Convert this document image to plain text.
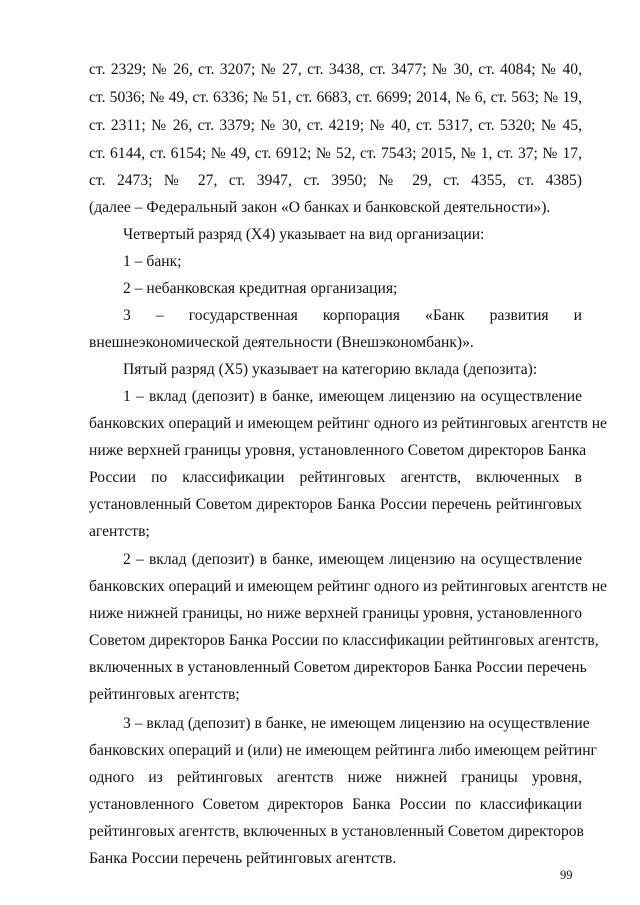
ст. 2329; № 26, ст. 3207; № 27, ст. 3438, ст. 3477; № 30, ст. 4084; № 40,
ст. 5036; № 49, ст. 6336; № 51, ст. 6683, ст. 6699; 2014, № 6, ст. 563; № 19,
ст. 2311; № 26, ст. 3379; № 30, ст. 4219; № 40, ст. 5317, ст. 5320; № 45,
ст. 6144, ст. 6154; № 49, ст. 6912; № 52, ст. 7543; 2015, № 1, ст. 37; № 17,
ст. 2473; № 27, ст. 3947, ст. 3950; № 29, ст. 4355, ст. 4385)
(далее – Федеральный закон «О банках и банковской деятельности»).
Четвертый разряд (Х4) указывает на вид организации:
1 – банк;
2 – небанковская кредитная организация;
3 – государственная корпорация «Банк развития и
внешнеэкономической деятельности (Внешэкономбанк)».
Пятый разряд (Х5) указывает на категорию вклада (депозита):
1 – вклад (депозит) в банке, имеющем лицензию на осуществление
банковских операций и имеющем рейтинг одного из рейтинговых агентств не
ниже верхней границы уровня, установленного Советом директоров Банка
России по классификации рейтинговых агентств, включенных в
установленный Советом директоров Банка России перечень рейтинговых
агентств;
2 – вклад (депозит) в банке, имеющем лицензию на осуществление
банковских операций и имеющем рейтинг одного из рейтинговых агентств не
ниже нижней границы, но ниже верхней границы уровня, установленного
Советом директоров Банка России по классификации рейтинговых агентств,
включенных в установленный Советом директоров Банка России перечень
рейтинговых агентств;
3 – вклад (депозит) в банке, не имеющем лицензию на осуществление
банковских операций и (или) не имеющем рейтинга либо имеющем рейтинг
одного из рейтинговых агентств ниже нижней границы уровня,
установленного Советом директоров Банка России по классификации
рейтинговых агентств, включенных в установленный Советом директоров
Банка России перечень рейтинговых агентств.
99
